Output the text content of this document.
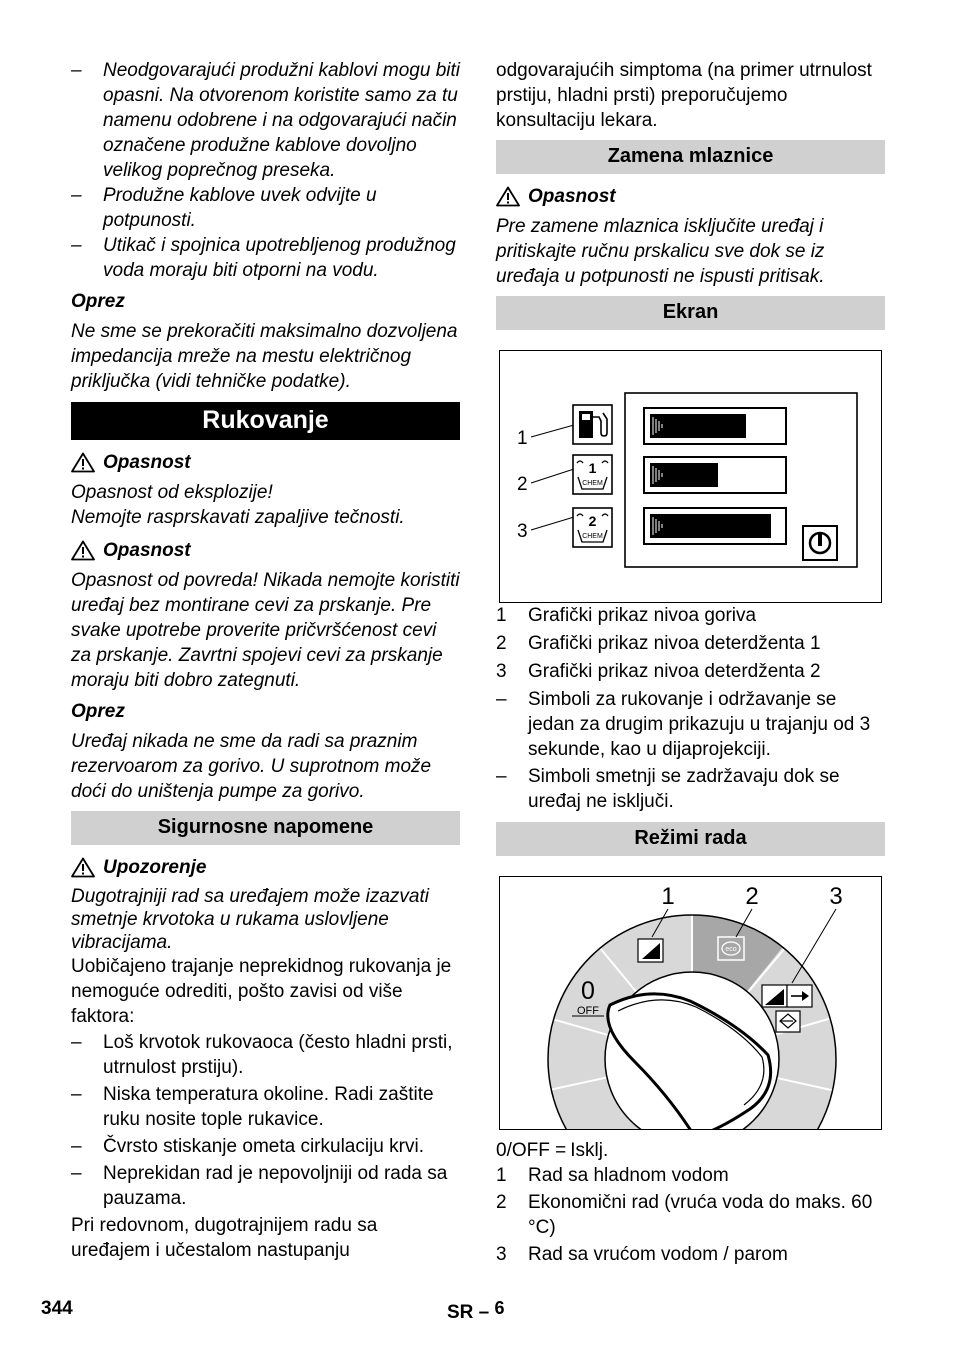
–	Neodgovarajući produžni kablovi mogu biti opasni. Na otvorenom koristite samo za tu namenu odobrene i na odgovarajući način označene produžne kablove dovoljno velikog poprečnog preseka.
–	Produžne kablove uvek odvijte u potpunosti.
–	Utikač i spojnica upotrebljenog produžnog voda moraju biti otporni na vodu.

Oprez

Ne sme se prekoračiti maksimalno dozvoljena impedancija mreže na mestu električnog priključka (vidi tehničke podatke).

Rukovanje
Opasnost

Opasnost od eksplozije!

Nemojte rasprskavati zapaljive tečnosti.

Opasnost

Opasnost od povreda! Nikada nemojte koristiti uređaj bez montirane cevi za prskanje. Pre svake upotrebe proverite pričvršćenost cevi za prskanje. Zavrtni spojevi cevi za prskanje moraju biti dobro zategnuti.

Oprez

Uređaj nikada ne sme da radi sa praznim rezervoarom za gorivo. U suprotnom može doći do uništenja pumpe za gorivo.

Sigurnosne napomene
Upozorenje

Dugotrajniji rad sa uređajem može izazvati smetnje krvotoka u rukama uslovljene vibracijama.

Uobičajeno trajanje neprekidnog rukovanja je nemoguće odrediti, pošto zavisi od više faktora:

–	Loš krvotok rukovaoca (često hladni prsti, utrnulost prstiju).
–	Niska temperatura okoline. Radi zaštite ruku nosite tople rukavice.
–	Čvrsto stiskanje ometa cirkulaciju krvi.
–	Neprekidan rad je nepovoljniji od rada sa pauzama.

Pri redovnom, dugotrajnijem radu sa uređajem i učestalom nastupanju

odgovarajućih simptoma (na primer utrnulost prstiju, hladni prsti) preporučujemo konsultaciju lekara.

Zamena mlaznice
Opasnost

Pre zamene mlaznica isključite uređaj i pritiskajte ručnu prskalicu sve dok se iz uređaja u potpunosti ne ispusti pritisak.

Ekran
1
2
3
1
CHEM
2
CHEM
1	Grafički prikaz nivoa goriva
2	Grafički prikaz nivoa deterdženta 1
3	Grafički prikaz nivoa deterdženta 2
–	Simboli za rukovanje i održavanje se jedan za drugim prikazuju u trajanju od 3 sekunde, kao u dijaprojekciji.
–	Simboli smetnji se zadržavaju dok se uređaj ne isključi.
Režimi rada
eco
0
OFF
1	2	3
0/OFF = Isklj.
1	Rad sa hladnom vodom
2	Ekonomični rad (vruća voda do maks. 60 °C)
3	Rad sa vrućom vodom / parom
344	SR – $^6$
